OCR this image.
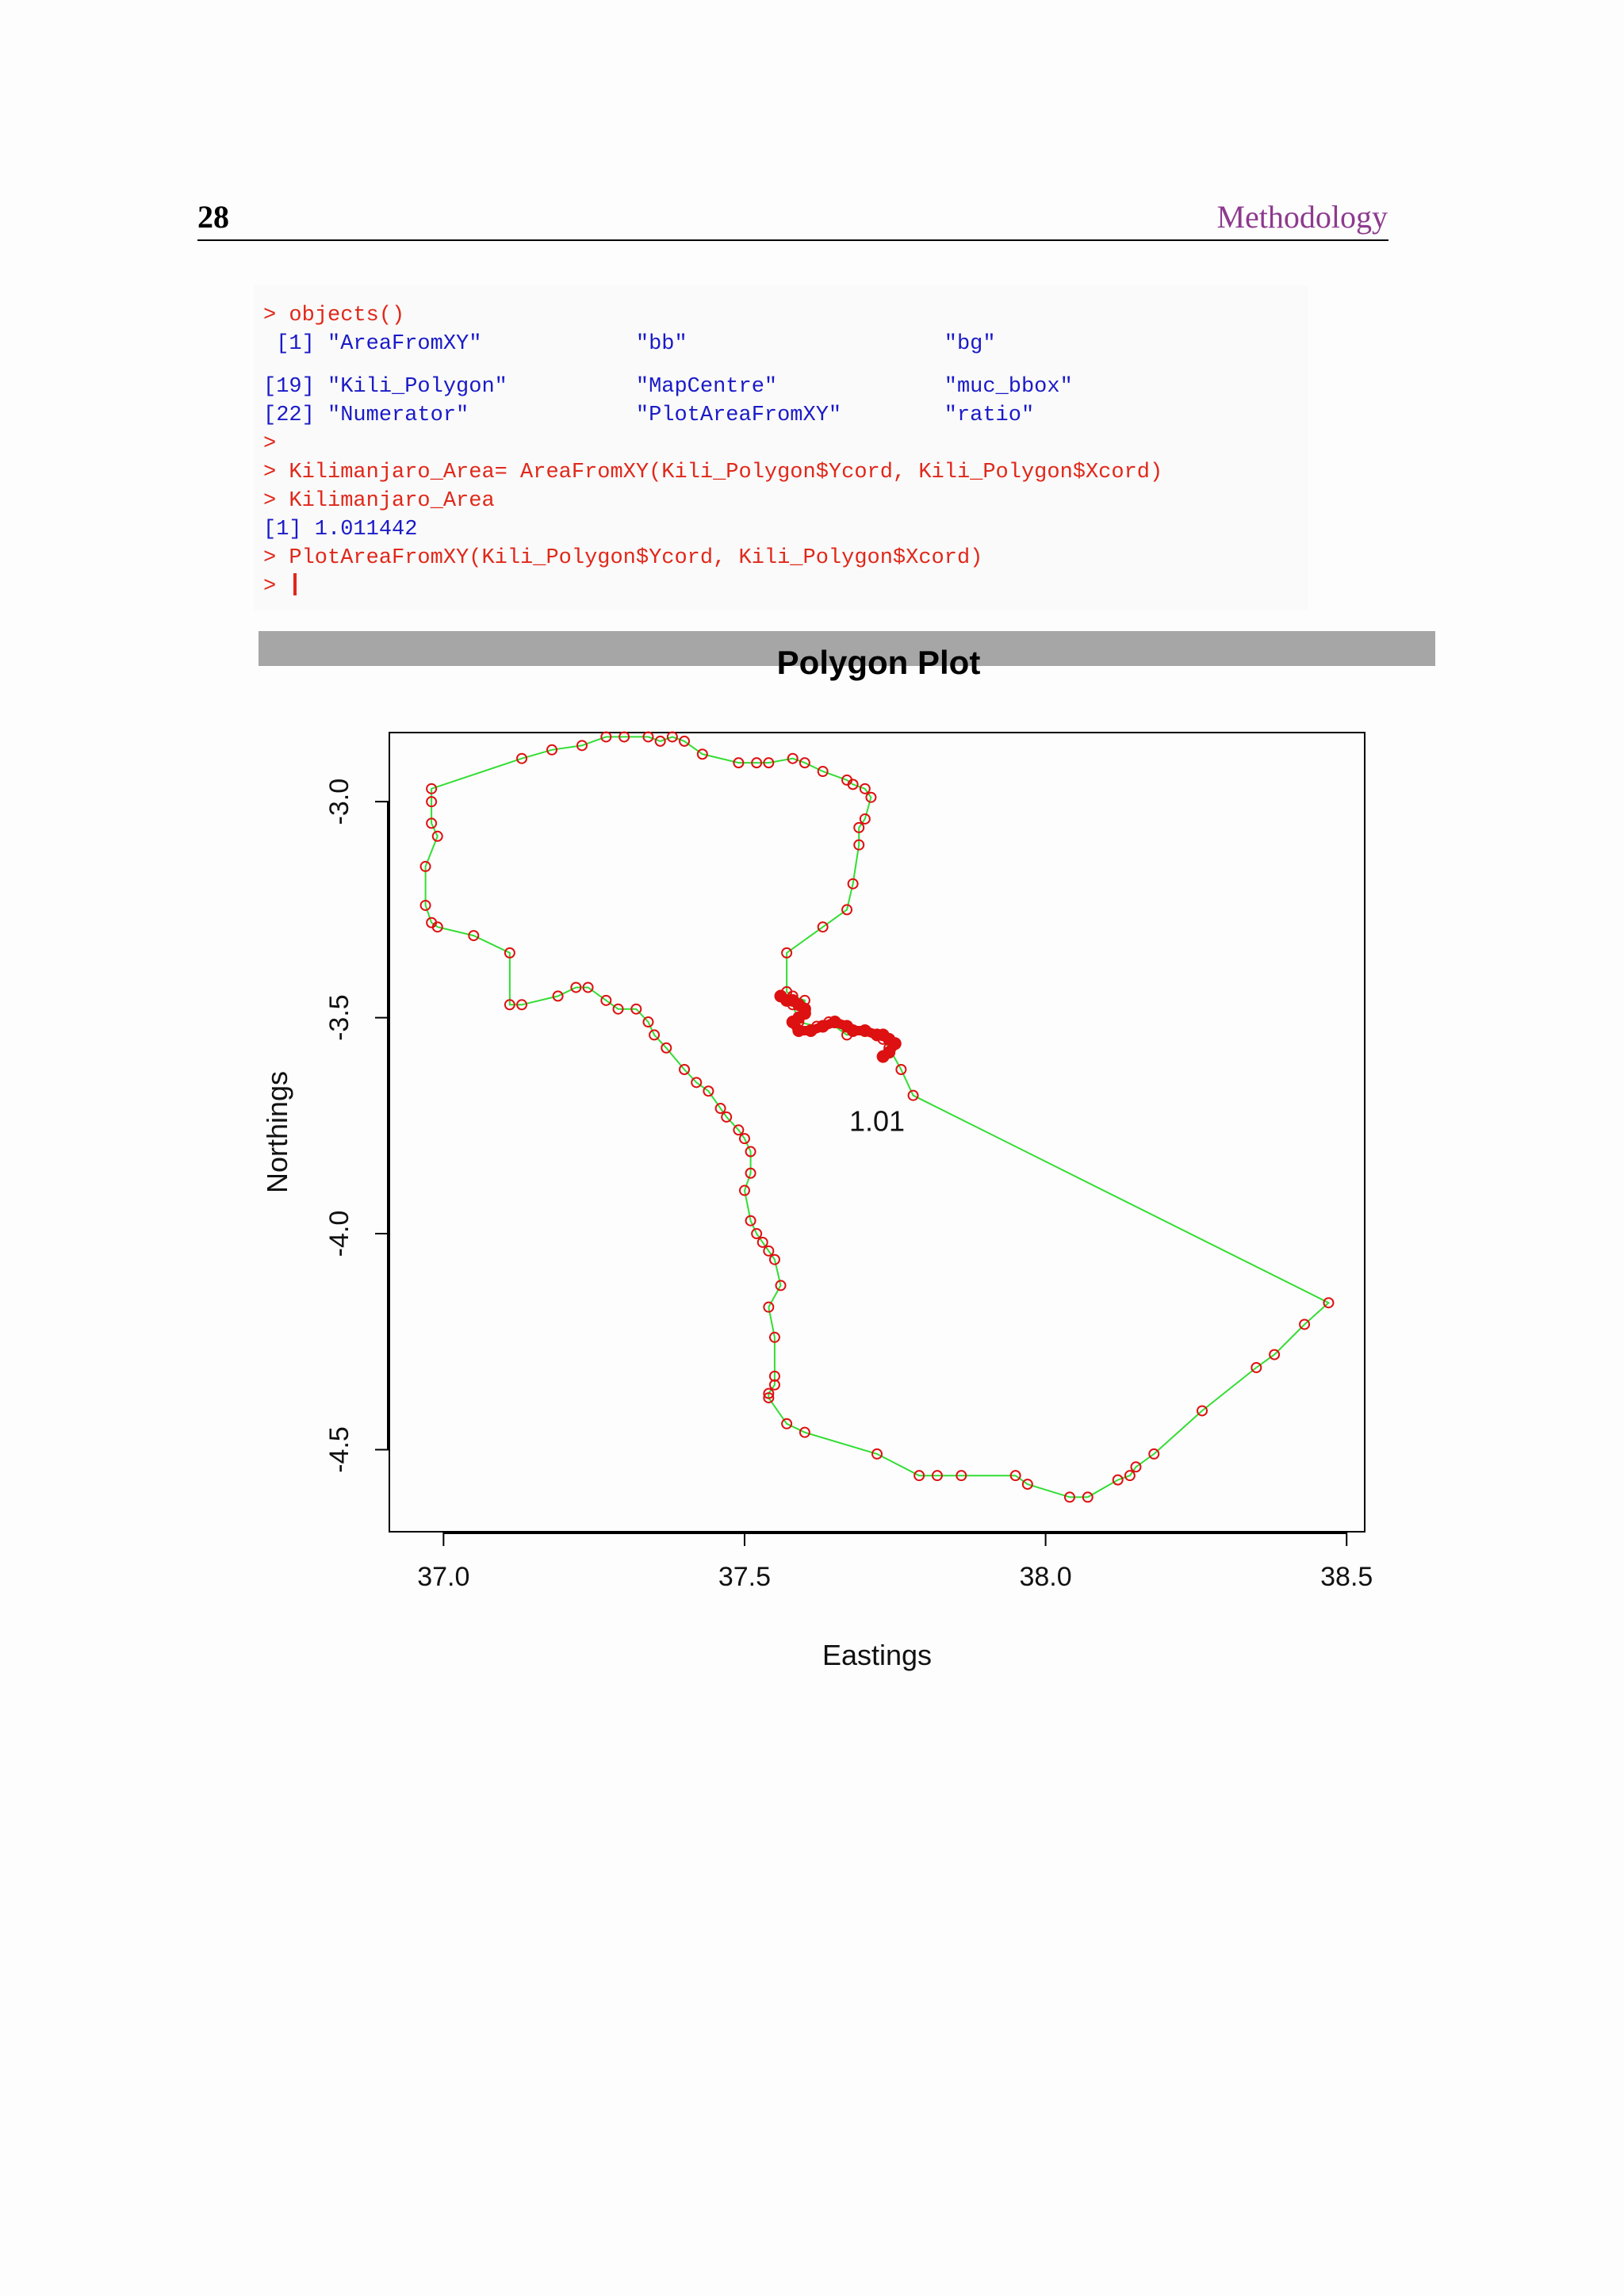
28	Methodology
> objects()
[1] "AreaFromXY"            "bb"                    "bg"
[19] "Kili_Polygon"          "MapCentre"             "muc_bbox"
[22] "Numerator"             "PlotAreaFromXY"        "ratio"
>
> Kilimanjaro_Area= AreaFromXY(Kili_Polygon$Ycord, Kili_Polygon$Xcord)
> Kilimanjaro_Area
[1] 1.011442
> PlotAreaFromXY(Kili_Polygon$Ycord, Kili_Polygon$Xcord)
>
Polygon Plot
37.0	37.5	38.0	38.5
-3.0
-3.5
-4.0
-4.5
Eastings
Northings	1.01
